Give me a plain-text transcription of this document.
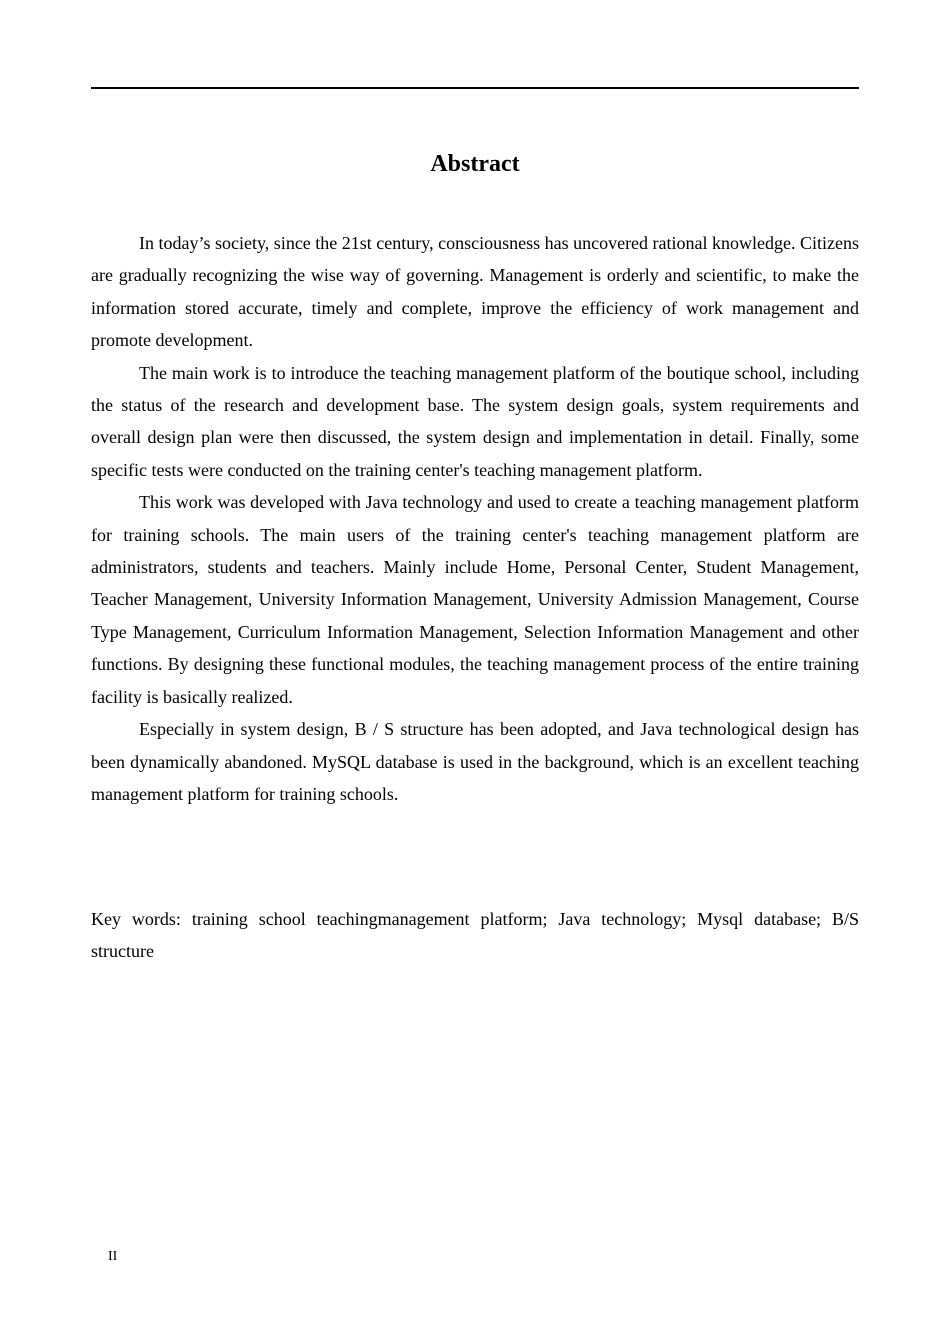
Abstract

In today’s society, since the 21st century, consciousness has uncovered rational knowledge. Citizens are gradually recognizing the wise way of governing. Management is orderly and scientific, to make the information stored accurate, timely and complete, improve the efficiency of work management and promote development.

The main work is to introduce the teaching management platform of the boutique school, including the status of the research and development base. The system design goals, system requirements and overall design plan were then discussed, the system design and implementation in detail. Finally, some specific tests were conducted on the training center's teaching management platform.

This work was developed with Java technology and used to create a teaching management platform for training schools. The main users of the training center's teaching management platform are administrators, students and teachers. Mainly include Home, Personal Center, Student Management, Teacher Management, University Information Management, University Admission Management, Course Type Management, Curriculum Information Management, Selection Information Management and other functions. By designing these functional modules, the teaching management process of the entire training facility is basically realized.

Especially in system design, B / S structure has been adopted, and Java technological design has been dynamically abandoned. MySQL database is used in the background, which is an excellent teaching management platform for training schools.

Key words: training school teachingmanagement platform; Java technology; Mysql database; B/S structure

II
